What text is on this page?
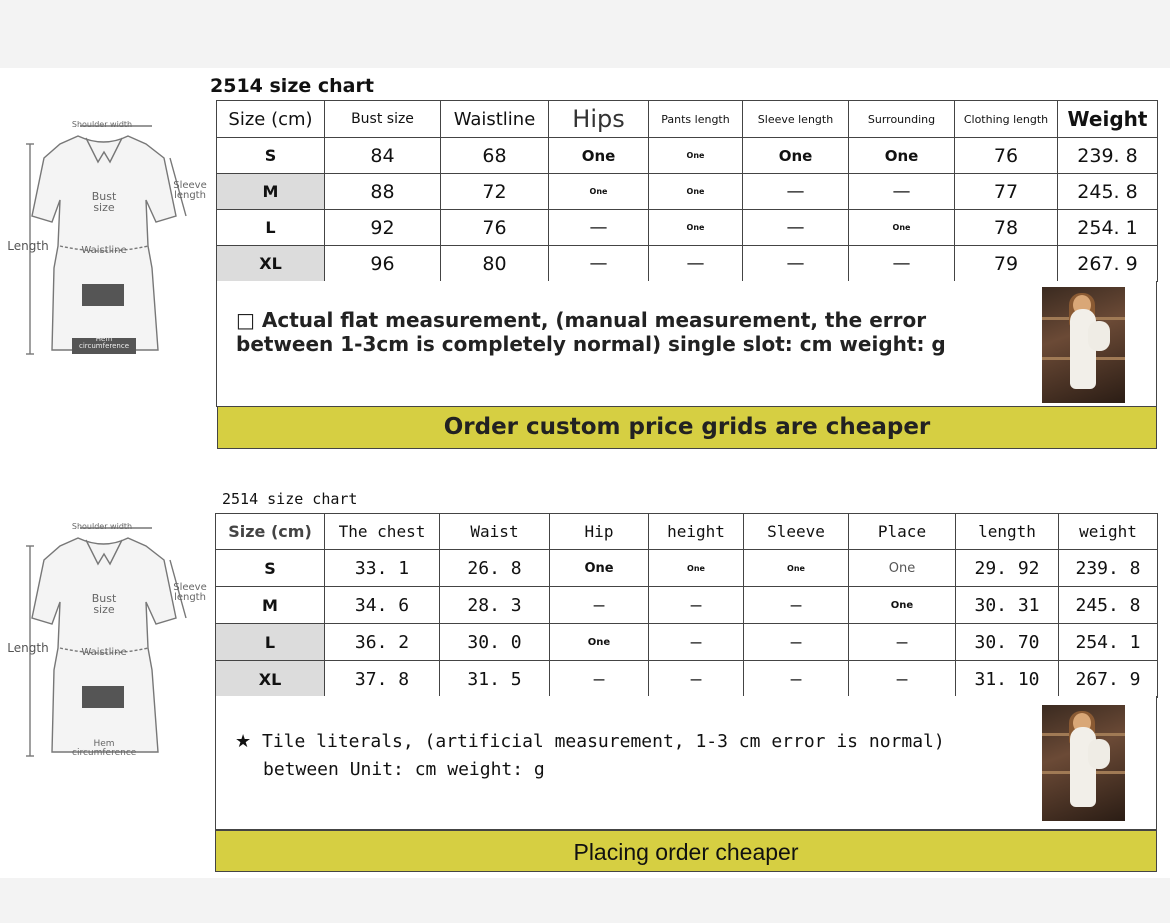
Shoulder width
Sleeve length
Bust size
Waistline
Length
Hem circumference
2514 size chart
Size (cm)	Bust size	Waistline	Hips	Pants length	Sleeve length	Surrounding	Clothing length	Weight
S	84	68	One	One	One	One	76	239. 8
M	88	72	One	One	—	—	77	245. 8
L	92	76	—	One	—	One	78	254. 1
XL	96	80	—	—	—	—	79	267. 9
□ Actual flat measurement, (manual measurement, the error between 1-3cm is completely normal) single slot: cm weight: g
Order custom price grids are cheaper
Shoulder width
Sleeve length
Bust size
Waistline
Length
Hem circumference
2514 size chart
Size (cm)	The chest	Waist	Hip	height	Sleeve	Place	length	weight
S	33. 1	26. 8	One	One	One	One	29. 92	239. 8
M	34. 6	28. 3	—	—	—	One	30. 31	245. 8
L	36. 2	30. 0	One	—	—	—	30. 70	254. 1
XL	37. 8	31. 5	—	—	—	—	31. 10	267. 9
★ Tile literals, (artificial measurement, 1-3 cm error is normal)
between Unit: cm weight: g
Placing order cheaper
